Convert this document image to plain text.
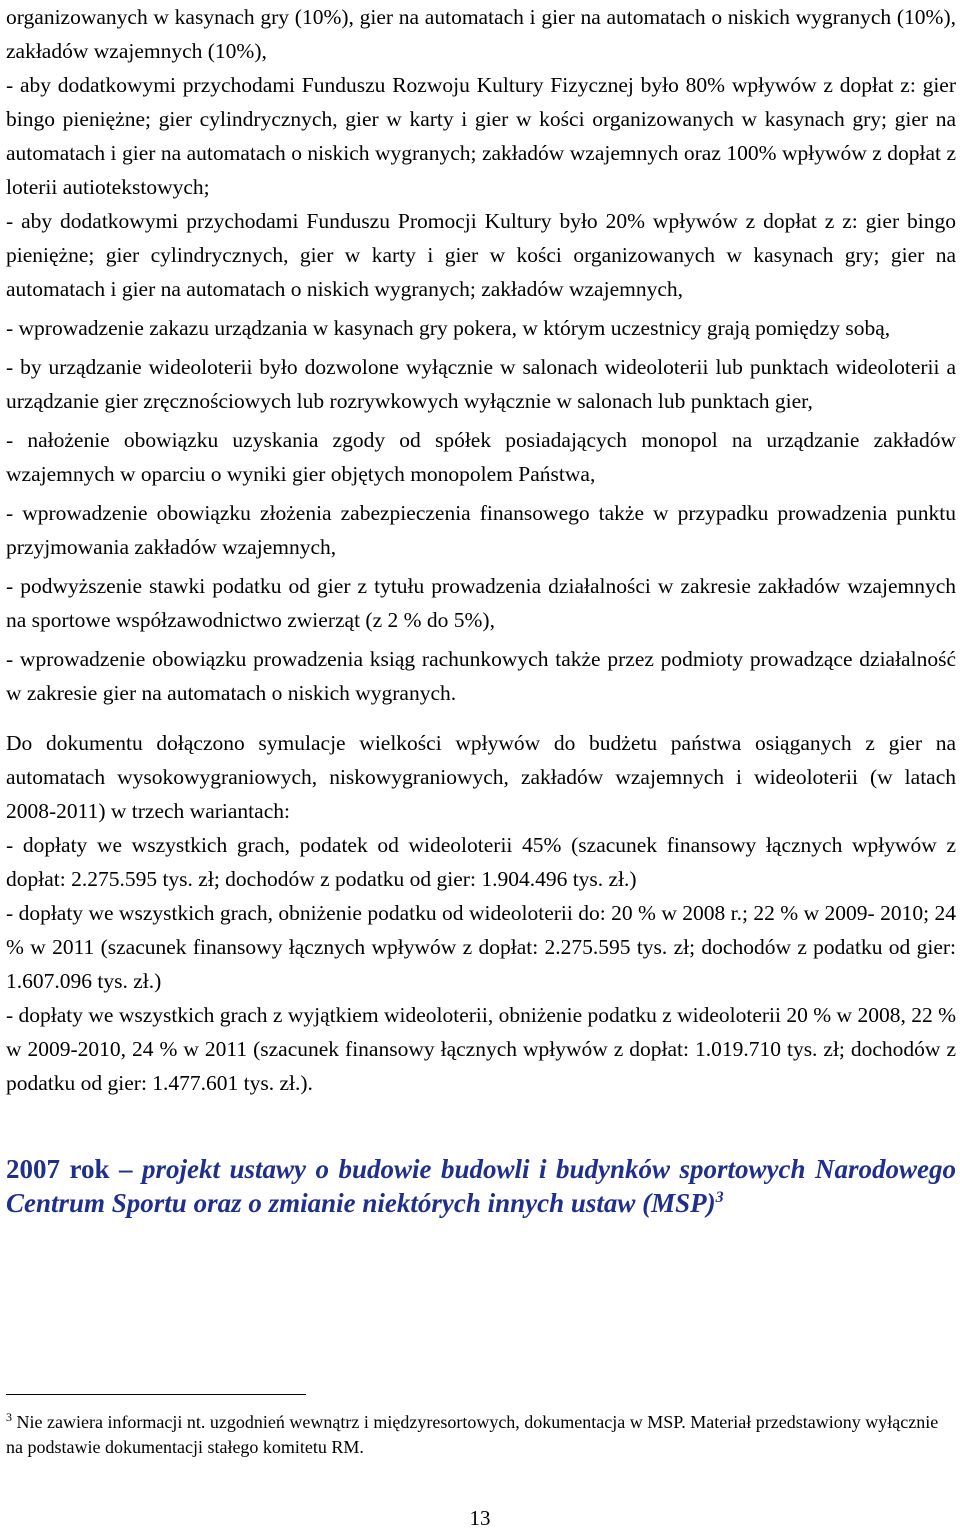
organizowanych w kasynach gry (10%), gier na automatach i gier na automatach o niskich wygranych (10%), zakładów wzajemnych (10%),

- aby dodatkowymi przychodami Funduszu Rozwoju Kultury Fizycznej było 80% wpływów z dopłat z: gier bingo pieniężne; gier cylindrycznych, gier w karty i gier w kości organizowanych w kasynach gry; gier na automatach i gier na automatach o niskich wygranych; zakładów wzajemnych oraz 100% wpływów z dopłat z loterii autiotekstowych;

- aby dodatkowymi przychodami Funduszu Promocji Kultury było 20% wpływów z dopłat z z: gier bingo pieniężne; gier cylindrycznych, gier w karty i gier w kości organizowanych w kasynach gry; gier na automatach i gier na automatach o niskich wygranych; zakładów wzajemnych,

- wprowadzenie zakazu urządzania w kasynach gry pokera, w którym uczestnicy grają pomiędzy sobą,

- by urządzanie wideoloterii było dozwolone wyłącznie w salonach wideoloterii lub punktach wideoloterii a urządzanie gier zręcznościowych lub rozrywkowych wyłącznie w salonach lub punktach gier,

- nałożenie obowiązku uzyskania zgody od spółek posiadających monopol na urządzanie zakładów wzajemnych w oparciu o wyniki gier objętych monopolem Państwa,

- wprowadzenie obowiązku złożenia zabezpieczenia finansowego także w przypadku prowadzenia punktu przyjmowania zakładów wzajemnych,

- podwyższenie stawki podatku od gier z tytułu prowadzenia działalności w zakresie zakładów wzajemnych na sportowe współzawodnictwo zwierząt (z 2 % do 5%),

- wprowadzenie obowiązku prowadzenia ksiąg rachunkowych także przez podmioty prowadzące działalność w zakresie gier na automatach o niskich wygranych.

Do dokumentu dołączono symulacje wielkości wpływów do budżetu państwa osiąganych z gier na automatach wysokowygraniowych, niskowygraniowych, zakładów wzajemnych i wideoloterii (w latach 2008-2011) w trzech wariantach:

- dopłaty we wszystkich grach, podatek od wideoloterii 45% (szacunek finansowy łącznych wpływów z dopłat: 2.275.595 tys. zł; dochodów z podatku od gier: 1.904.496 tys. zł.)

- dopłaty we wszystkich grach, obniżenie podatku od wideoloterii do: 20 % w 2008 r.; 22 % w 2009- 2010; 24 % w 2011 (szacunek finansowy łącznych wpływów z dopłat: 2.275.595 tys. zł; dochodów z podatku od gier: 1.607.096 tys. zł.)

- dopłaty we wszystkich grach z wyjątkiem wideoloterii, obniżenie podatku z wideoloterii 20 % w 2008, 22 % w 2009-2010, 24 % w 2011 (szacunek finansowy łącznych wpływów z dopłat: 1.019.710 tys. zł; dochodów z podatku od gier: 1.477.601 tys. zł.).

2007 rok – projekt ustawy o budowie budowli i budynków sportowych Narodowego Centrum Sportu oraz o zmianie niektórych innych ustaw (MSP)$^3$

$^3$ Nie zawiera informacji nt. uzgodnień wewnątrz i międzyresortowych, dokumentacja w MSP. Materiał przedstawiony wyłącznie na podstawie dokumentacji stałego komitetu RM.

13
